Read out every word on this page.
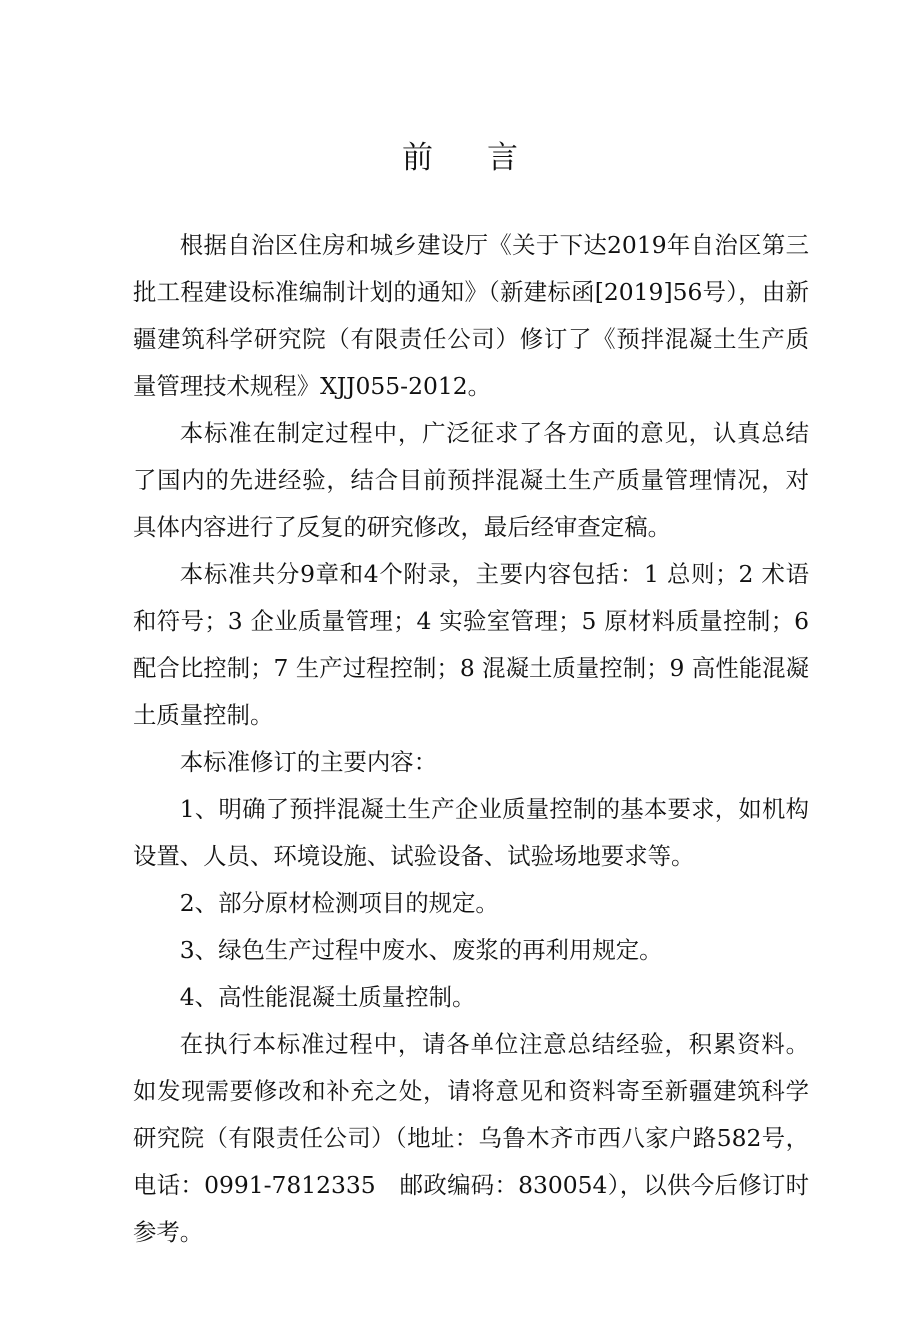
前 言

根据自治区住房和城乡建设厅《关于下达2019年自治区第三批工程建设标准编制计划的通知》（新建标函[2019]56号），由新疆建筑科学研究院（有限责任公司）修订了《预拌混凝土生产质量管理技术规程》XJJ055-2012。

本标准在制定过程中，广泛征求了各方面的意见，认真总结了国内的先进经验，结合目前预拌混凝土生产质量管理情况，对具体内容进行了反复的研究修改，最后经审查定稿。

本标准共分9章和4个附录，主要内容包括：1 总则；2 术语和符号；3 企业质量管理；4 实验室管理；5 原材料质量控制；6 配合比控制；7 生产过程控制；8 混凝土质量控制；9 高性能混凝土质量控制。

本标准修订的主要内容：

1、明确了预拌混凝土生产企业质量控制的基本要求，如机构设置、人员、环境设施、试验设备、试验场地要求等。

2、部分原材检测项目的规定。

3、绿色生产过程中废水、废浆的再利用规定。

4、高性能混凝土质量控制。

在执行本标准过程中，请各单位注意总结经验，积累资料。如发现需要修改和补充之处，请将意见和资料寄至新疆建筑科学研究院（有限责任公司）（地址：乌鲁木齐市西八家户路582号，电话：0991-7812335　邮政编码：830054），以供今后修订时参考。
